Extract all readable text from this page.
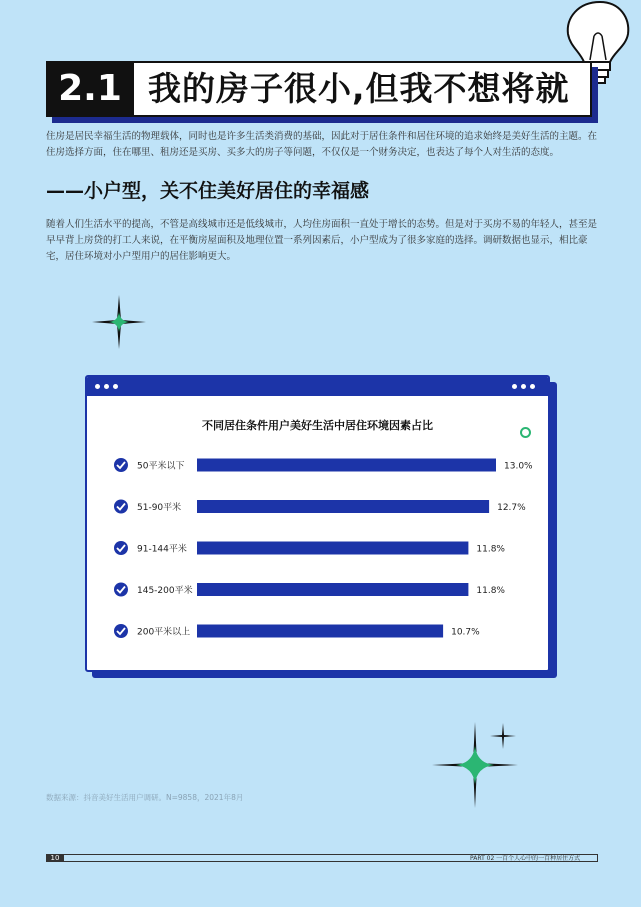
2.1 我的房子很小,但我不想将就
住房是居民幸福生活的物理载体，同时也是许多生活类消费的基础，因此对于居住条件和居住环境的追求始终是美好生活的主题。在住房选择方面，住在哪里、租房还是买房、买多大的房子等问题，不仅仅是一个财务决定，也表达了每个人对生活的态度。
——小户型，关不住美好居住的幸福感
随着人们生活水平的提高，不管是高线城市还是低线城市，人均住房面积一直处于增长的态势。但是对于买房不易的年轻人，甚至是早早背上房贷的打工人来说，在平衡房屋面积及地理位置一系列因素后，小户型成为了很多家庭的选择。调研数据也显示，相比豪宅，居住环境对小户型用户的居住影响更大。
不同居住条件用户美好生活中居住环境因素占比
50平米以下	13.0%
51-90平米	12.7%
91-144平米	11.8%
145-200平米	11.8%
200平米以上	10.7%
数据来源：抖音美好生活用户调研。N=9858，2021年8月
10	PART 02 一百个人心中的一百种居住方式
